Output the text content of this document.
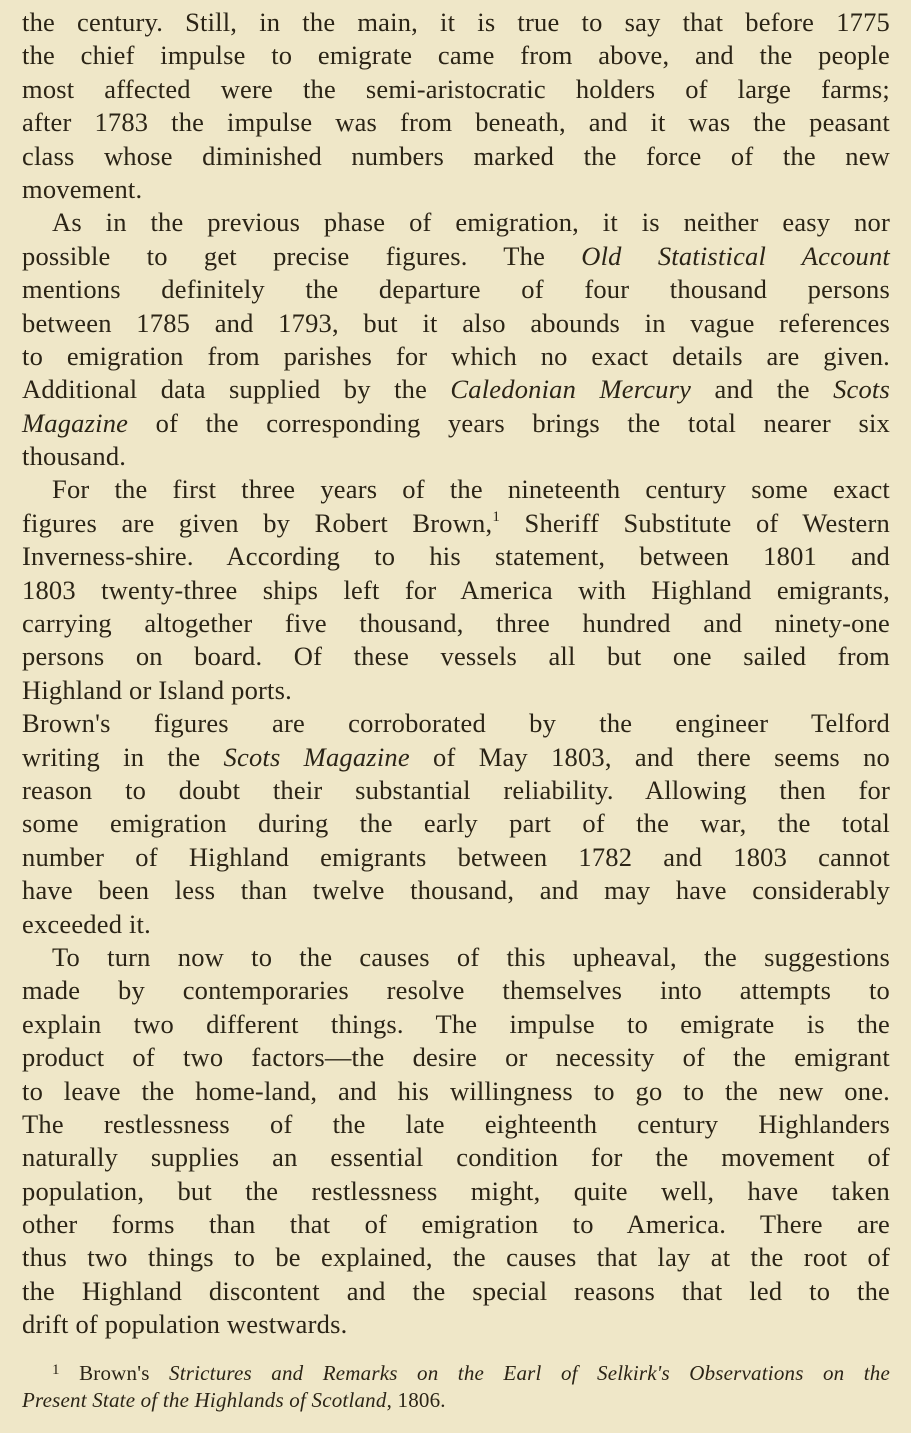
the century. Still, in the main, it is true to say that before 1775
the chief impulse to emigrate came from above, and the people
most affected were the semi-aristocratic holders of large farms;
after 1783 the impulse was from beneath, and it was the peasant
class whose diminished numbers marked the force of the new
movement.
As in the previous phase of emigration, it is neither easy nor
possible to get precise figures. The Old Statistical Account
mentions definitely the departure of four thousand persons
between 1785 and 1793, but it also abounds in vague references
to emigration from parishes for which no exact details are given.
Additional data supplied by the Caledonian Mercury and the Scots
Magazine of the corresponding years brings the total nearer six
thousand.
For the first three years of the nineteenth century some exact
figures are given by Robert Brown,$^1$ Sheriff Substitute of Western
Inverness-shire. According to his statement, between 1801 and
1803 twenty-three ships left for America with Highland emigrants,
carrying altogether five thousand, three hundred and ninety-one
persons on board. Of these vessels all but one sailed from
Highland or Island ports.
Brown's figures are corroborated by the engineer Telford
writing in the Scots Magazine of May 1803, and there seems no
reason to doubt their substantial reliability. Allowing then for
some emigration during the early part of the war, the total
number of Highland emigrants between 1782 and 1803 cannot
have been less than twelve thousand, and may have considerably
exceeded it.
To turn now to the causes of this upheaval, the suggestions
made by contemporaries resolve themselves into attempts to
explain two different things. The impulse to emigrate is the
product of two factors—the desire or necessity of the emigrant
to leave the home-land, and his willingness to go to the new one.
The restlessness of the late eighteenth century Highlanders
naturally supplies an essential condition for the movement of
population, but the restlessness might, quite well, have taken
other forms than that of emigration to America. There are
thus two things to be explained, the causes that lay at the root of
the Highland discontent and the special reasons that led to the
drift of population westwards.
$^1$ Brown's Strictures and Remarks on the Earl of Selkirk's Observations on the
Present State of the Highlands of Scotland, 1806.
